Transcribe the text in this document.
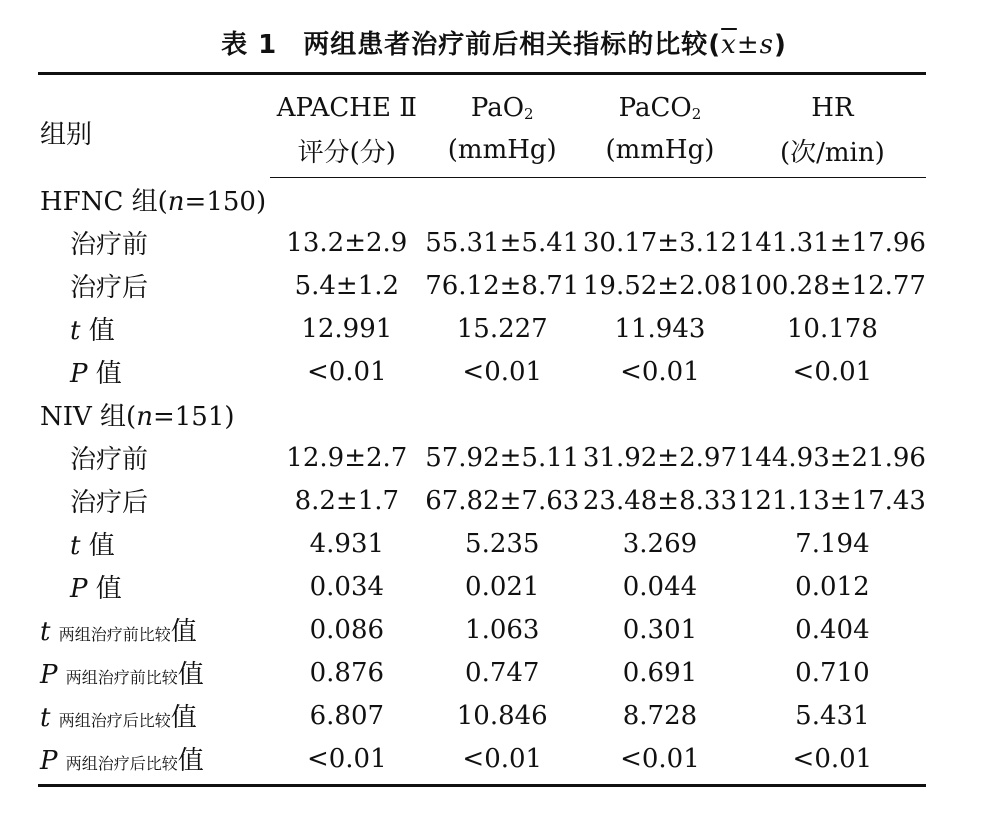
表 1 两组患者治疗前后相关指标的比较$(\overline{x}\pm s)$
组别	APACHE Ⅱ	PaO$_2$	PaCO$_2$	HR
	评分(分)	(mmHg)	(mmHg)	(次/min)
HFNC 组(n=150)				
治疗前	13.2±2.9	55.31±5.41	30.17±3.12	141.31±17.96
治疗后	5.4±1.2	76.12±8.71	19.52±2.08	100.28±12.77
t 值	12.991	15.227	11.943	10.178
P 值	<0.01	<0.01	<0.01	<0.01
NIV 组(n=151)				
治疗前	12.9±2.7	57.92±5.11	31.92±2.97	144.93±21.96
治疗后	8.2±1.7	67.82±7.63	23.48±8.33	121.13±17.43
t 值	4.931	5.235	3.269	7.194
P 值	0.034	0.021	0.044	0.012
t 两组治疗前比较值	0.086	1.063	0.301	0.404
P 两组治疗前比较值	0.876	0.747	0.691	0.710
t 两组治疗后比较值	6.807	10.846	8.728	5.431
P 两组治疗后比较值	<0.01	<0.01	<0.01	<0.01
